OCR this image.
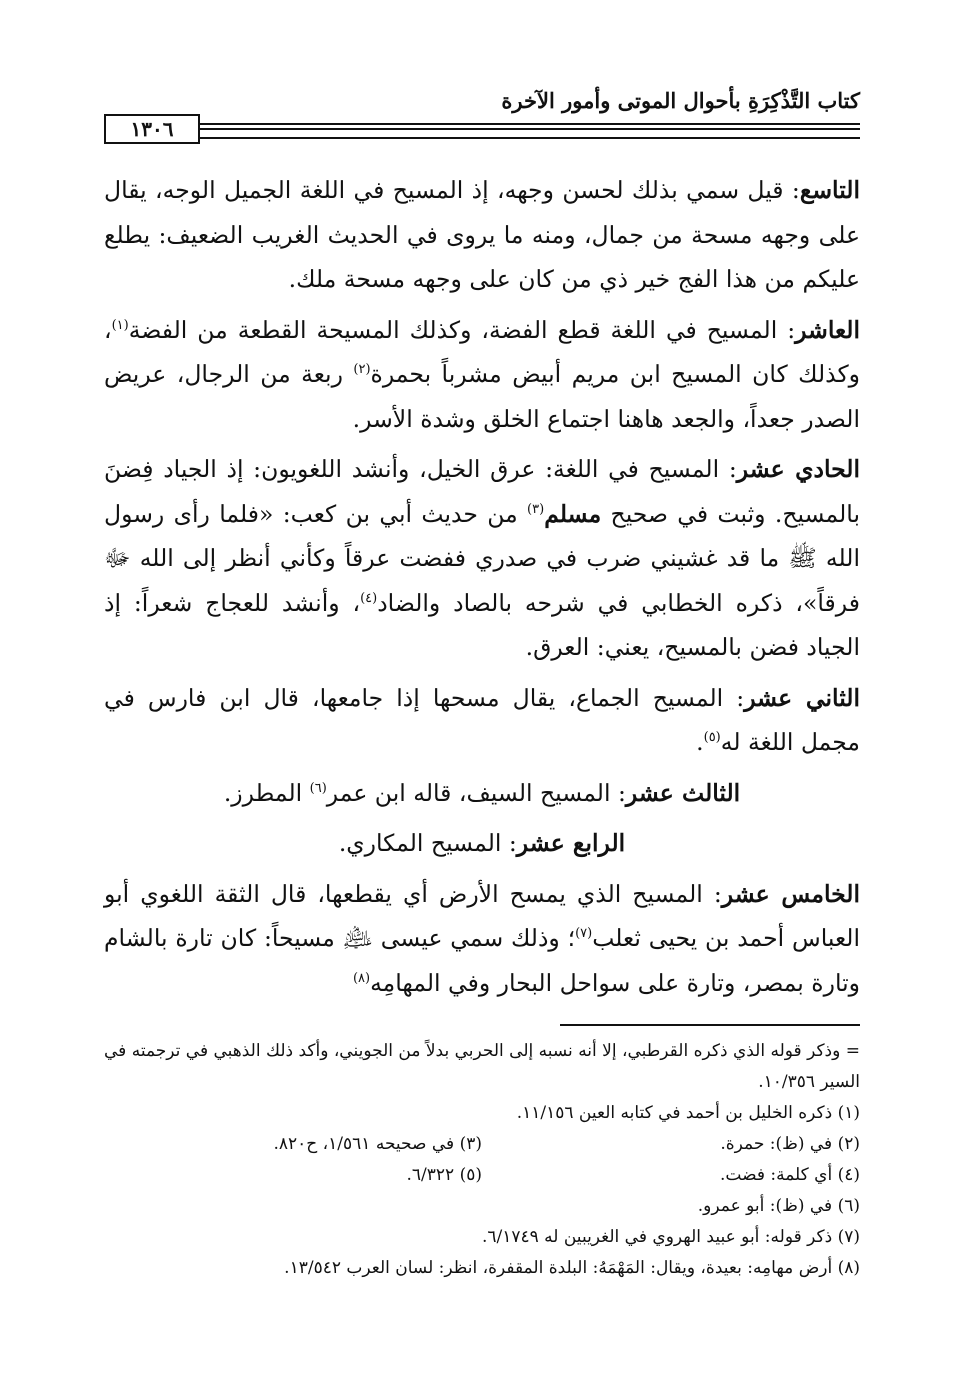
كتاب التَّذْكِرَةِ بأحوال الموتى وأمور الآخرة
١٣٠٦

التاسع: قيل سمي بذلك لحسن وجهه، إذ المسيح في اللغة الجميل الوجه، يقال على وجهه مسحة من جمال، ومنه ما يروى في الحديث الغريب الضعيف: يطلع عليكم من هذا الفج خير ذي من كان على وجهه مسحة ملك.

العاشر: المسيح في اللغة قطع الفضة، وكذلك المسيحة القطعة من الفضة$^{(١)}$، وكذلك كان المسيح ابن مريم أبيض مشرباً بحمرة$^{(٢)}$ ربعة من الرجال، عريض الصدر جعداً، والجعد هاهنا اجتماع الخلق وشدة الأسر.

الحادي عشر: المسيح في اللغة: عرق الخيل، وأنشد اللغويون: إذ الجياد فِضنَ بالمسيح. وثبت في صحيح مسلم$^{(٣)}$ من حديث أبي بن كعب: «فلما رأى رسول الله ﷺ ما قد غشيني ضرب في صدري ففضت عرقاً وكأني أنظر إلى الله ﷻ فرقاً»، ذكره الخطابي في شرحه بالصاد والضاد$^{(٤)}$، وأنشد للعجاج شعراً: إذ الجياد فضن بالمسيح، يعني: العرق.

الثاني عشر: المسيح الجماع، يقال مسحها إذا جامعها، قال ابن فارس في مجمل اللغة له$^{(٥)}$.

الثالث عشر: المسيح السيف، قاله ابن عمر$^{(٦)}$ المطرز.

الرابع عشر: المسيح المكاري.

الخامس عشر: المسيح الذي يمسح الأرض أي يقطعها، قال الثقة اللغوي أبو العباس أحمد بن يحيى ثعلب$^{(٧)}$؛ وذلك سمي عيسى ﵇ مسيحاً: كان تارة بالشام وتارة بمصر، وتارة على سواحل البحار وفي المهامِه$^{(٨)}$

= وذكر قوله الذي ذكره القرطبي، إلا أنه نسبه إلى الحربي بدلاً من الجويني، وأكد ذلك الذهبي في ترجمته في السير ١٠/٣٥٦.

(١) ذكره الخليل بن أحمد في كتابه العين ١١/١٥٦.

(٢) في (ظ): حمرة.

(٣) في صحيحه ١/٥٦١، ح٨٢٠.

(٤) أي كلمة: فضت.

(٥) ٦/٣٢٢.

(٦) في (ظ): أبو عمرو.

(٧) ذكر قوله: أبو عبيد الهروي في الغريبين له ٦/١٧٤٩.

(٨) أرض مهامِه: بعيدة، ويقال: المَهْمَهُ: البلدة المقفرة، انظر: لسان العرب ١٣/٥٤٢.
